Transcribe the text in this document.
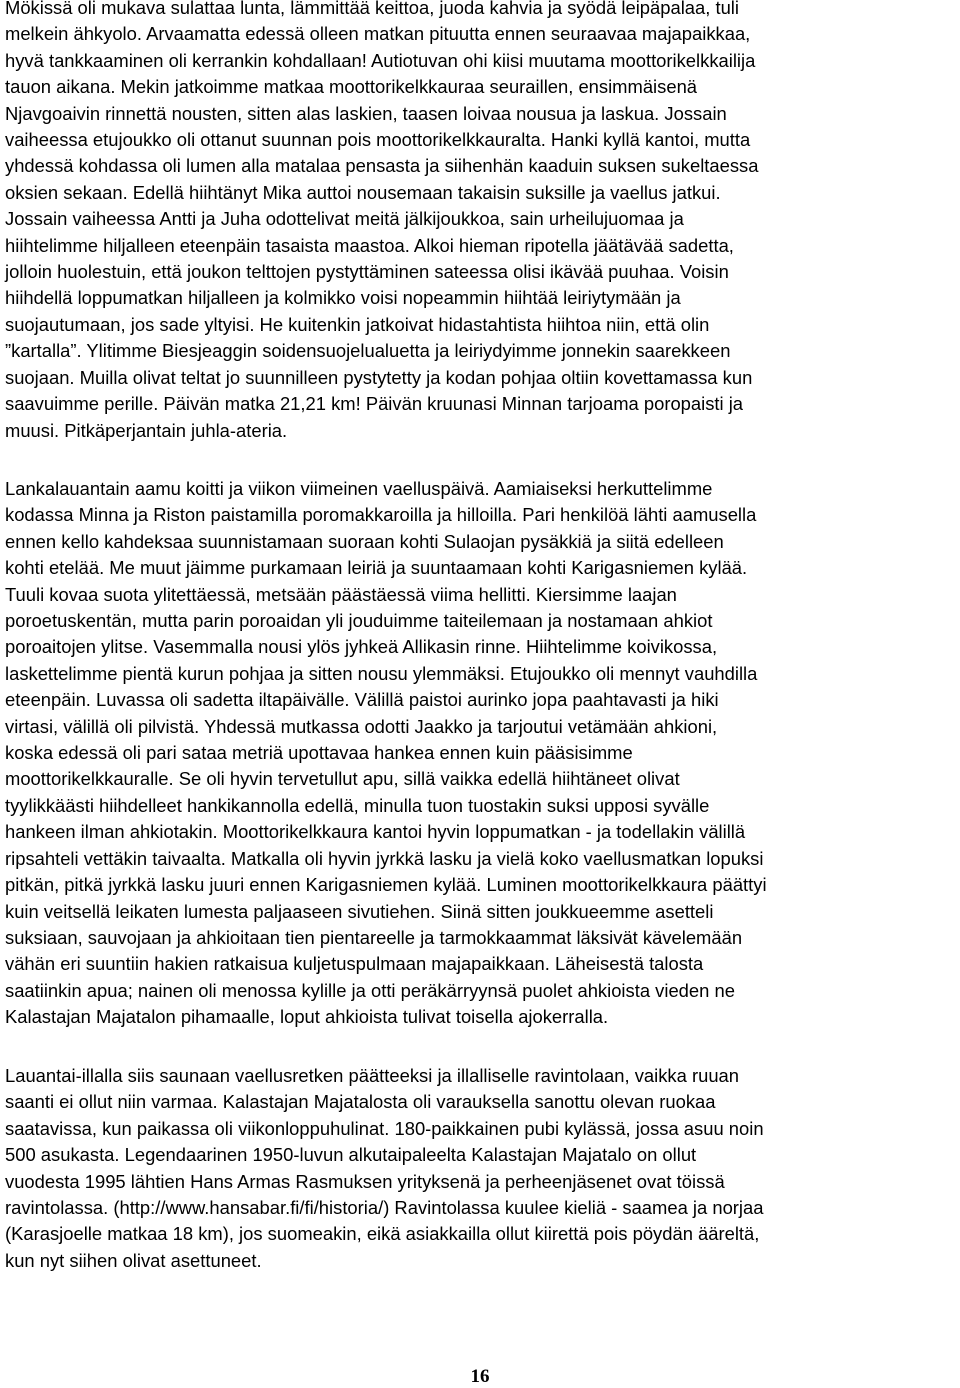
Mökissä oli mukava sulattaa lunta, lämmittää keittoa, juoda kahvia ja syödä leipäpalaa, tuli
melkein ähkyolo. Arvaamatta edessä olleen matkan pituutta ennen seuraavaa majapaikkaa,
hyvä tankkaaminen oli kerrankin kohdallaan! Autiotuvan ohi kiisi muutama moottorikelkkailija
tauon aikana. Mekin jatkoimme matkaa moottorikelkkauraa seuraillen, ensimmäisenä
Njavgoaivin rinnettä nousten, sitten alas laskien, taasen loivaa nousua ja laskua. Jossain
vaiheessa etujoukko oli ottanut suunnan pois moottorikelkkauralta. Hanki kyllä kantoi, mutta
yhdessä kohdassa oli lumen alla matalaa pensasta ja siihenhän kaaduin suksen sukeltaessa
oksien sekaan. Edellä hiihtänyt Mika auttoi nousemaan takaisin suksille ja vaellus jatkui.
Jossain vaiheessa Antti ja Juha odottelivat meitä jälkijoukkoa, sain urheilujuomaa ja
hiihtelimme hiljalleen eteenpäin tasaista maastoa. Alkoi hieman ripotella jäätävää sadetta,
jolloin huolestuin, että joukon telttojen pystyttäminen sateessa olisi ikävää puuhaa. Voisin
hiihdellä loppumatkan hiljalleen ja kolmikko voisi nopeammin hiihtää leiriytymään ja
suojautumaan, jos sade yltyisi. He kuitenkin jatkoivat hidastahtista hiihtoa niin, että olin
”kartalla”. Ylitimme Biesjeaggin soidensuojelualuetta ja leiriydyimme jonnekin saarekkeen
suojaan. Muilla olivat teltat jo suunnilleen pystytetty ja kodan pohjaa oltiin kovettamassa kun
saavuimme perille. Päivän matka 21,21 km! Päivän kruunasi Minnan tarjoama poropaisti ja
muusi. Pitkäperjantain juhla-ateria.
Lankalauantain aamu koitti ja viikon viimeinen vaelluspäivä. Aamiaiseksi herkuttelimme
kodassa Minna ja Riston paistamilla poromakkaroilla ja hilloilla. Pari henkilöä lähti aamusella
ennen kello kahdeksaa suunnistamaan suoraan kohti Sulaojan pysäkkiä ja siitä edelleen
kohti etelää. Me muut jäimme purkamaan leiriä ja suuntaamaan kohti Karigasniemen kylää.
Tuuli kovaa suota ylitettäessä, metsään päästäessä viima hellitti. Kiersimme laajan
poroetuskentän, mutta parin poroaidan yli jouduimme taiteilemaan ja nostamaan ahkiot
poroaitojen ylitse. Vasemmalla nousi ylös jyhkeä Allikasin rinne. Hiihtelimme koivikossa,
laskettelimme pientä kurun pohjaa ja sitten nousu ylemmäksi. Etujoukko oli mennyt vauhdilla
eteenpäin. Luvassa oli sadetta iltapäivälle. Välillä paistoi aurinko jopa paahtavasti ja hiki
virtasi, välillä oli pilvistä. Yhdessä mutkassa odotti Jaakko ja tarjoutui vetämään ahkioni,
koska edessä oli pari sataa metriä upottavaa hankea ennen kuin pääsisimme
moottorikelkkauralle. Se oli hyvin tervetullut apu, sillä vaikka edellä hiihtäneet olivat
tyylikkäästi hiihdelleet hankikannolla edellä, minulla tuon tuostakin suksi upposi syvälle
hankeen ilman ahkiotakin. Moottorikelkkaura kantoi hyvin loppumatkan - ja todellakin välillä
ripsahteli vettäkin taivaalta. Matkalla oli hyvin jyrkkä lasku ja vielä koko vaellusmatkan lopuksi
pitkän, pitkä jyrkkä lasku juuri ennen Karigasniemen kylää. Luminen moottorikelkkaura päättyi
kuin veitsellä leikaten lumesta paljaaseen sivutiehen. Siinä sitten joukkueemme asetteli
suksiaan, sauvojaan ja ahkioitaan tien pientareelle ja tarmokkaammat läksivät kävelemään
vähän eri suuntiin hakien ratkaisua kuljetuspulmaan majapaikkaan. Läheisestä talosta
saatiinkin apua; nainen oli menossa kylille ja otti peräkärryynsä puolet ahkioista vieden ne
Kalastajan Majatalon pihamaalle, loput ahkioista tulivat toisella ajokerralla.
Lauantai-illalla siis saunaan vaellusretken päätteeksi ja illalliselle ravintolaan, vaikka ruuan
saanti ei ollut niin varmaa. Kalastajan Majatalosta oli varauksella sanottu olevan ruokaa
saatavissa, kun paikassa oli viikonloppuhulinat. 180-paikkainen pubi kylässä, jossa asuu noin
500 asukasta. Legendaarinen 1950-luvun alkutaipaleelta Kalastajan Majatalo on ollut
vuodesta 1995 lähtien Hans Armas Rasmuksen yrityksenä ja perheenjäsenet ovat töissä
ravintolassa. (http://www.hansabar.fi/fi/historia/) Ravintolassa kuulee kieliä - saamea ja norjaa
(Karasjoelle matkaa 18 km), jos suomeakin, eikä asiakkailla ollut kiirettä pois pöydän ääreltä,
kun nyt siihen olivat asettuneet.
16
